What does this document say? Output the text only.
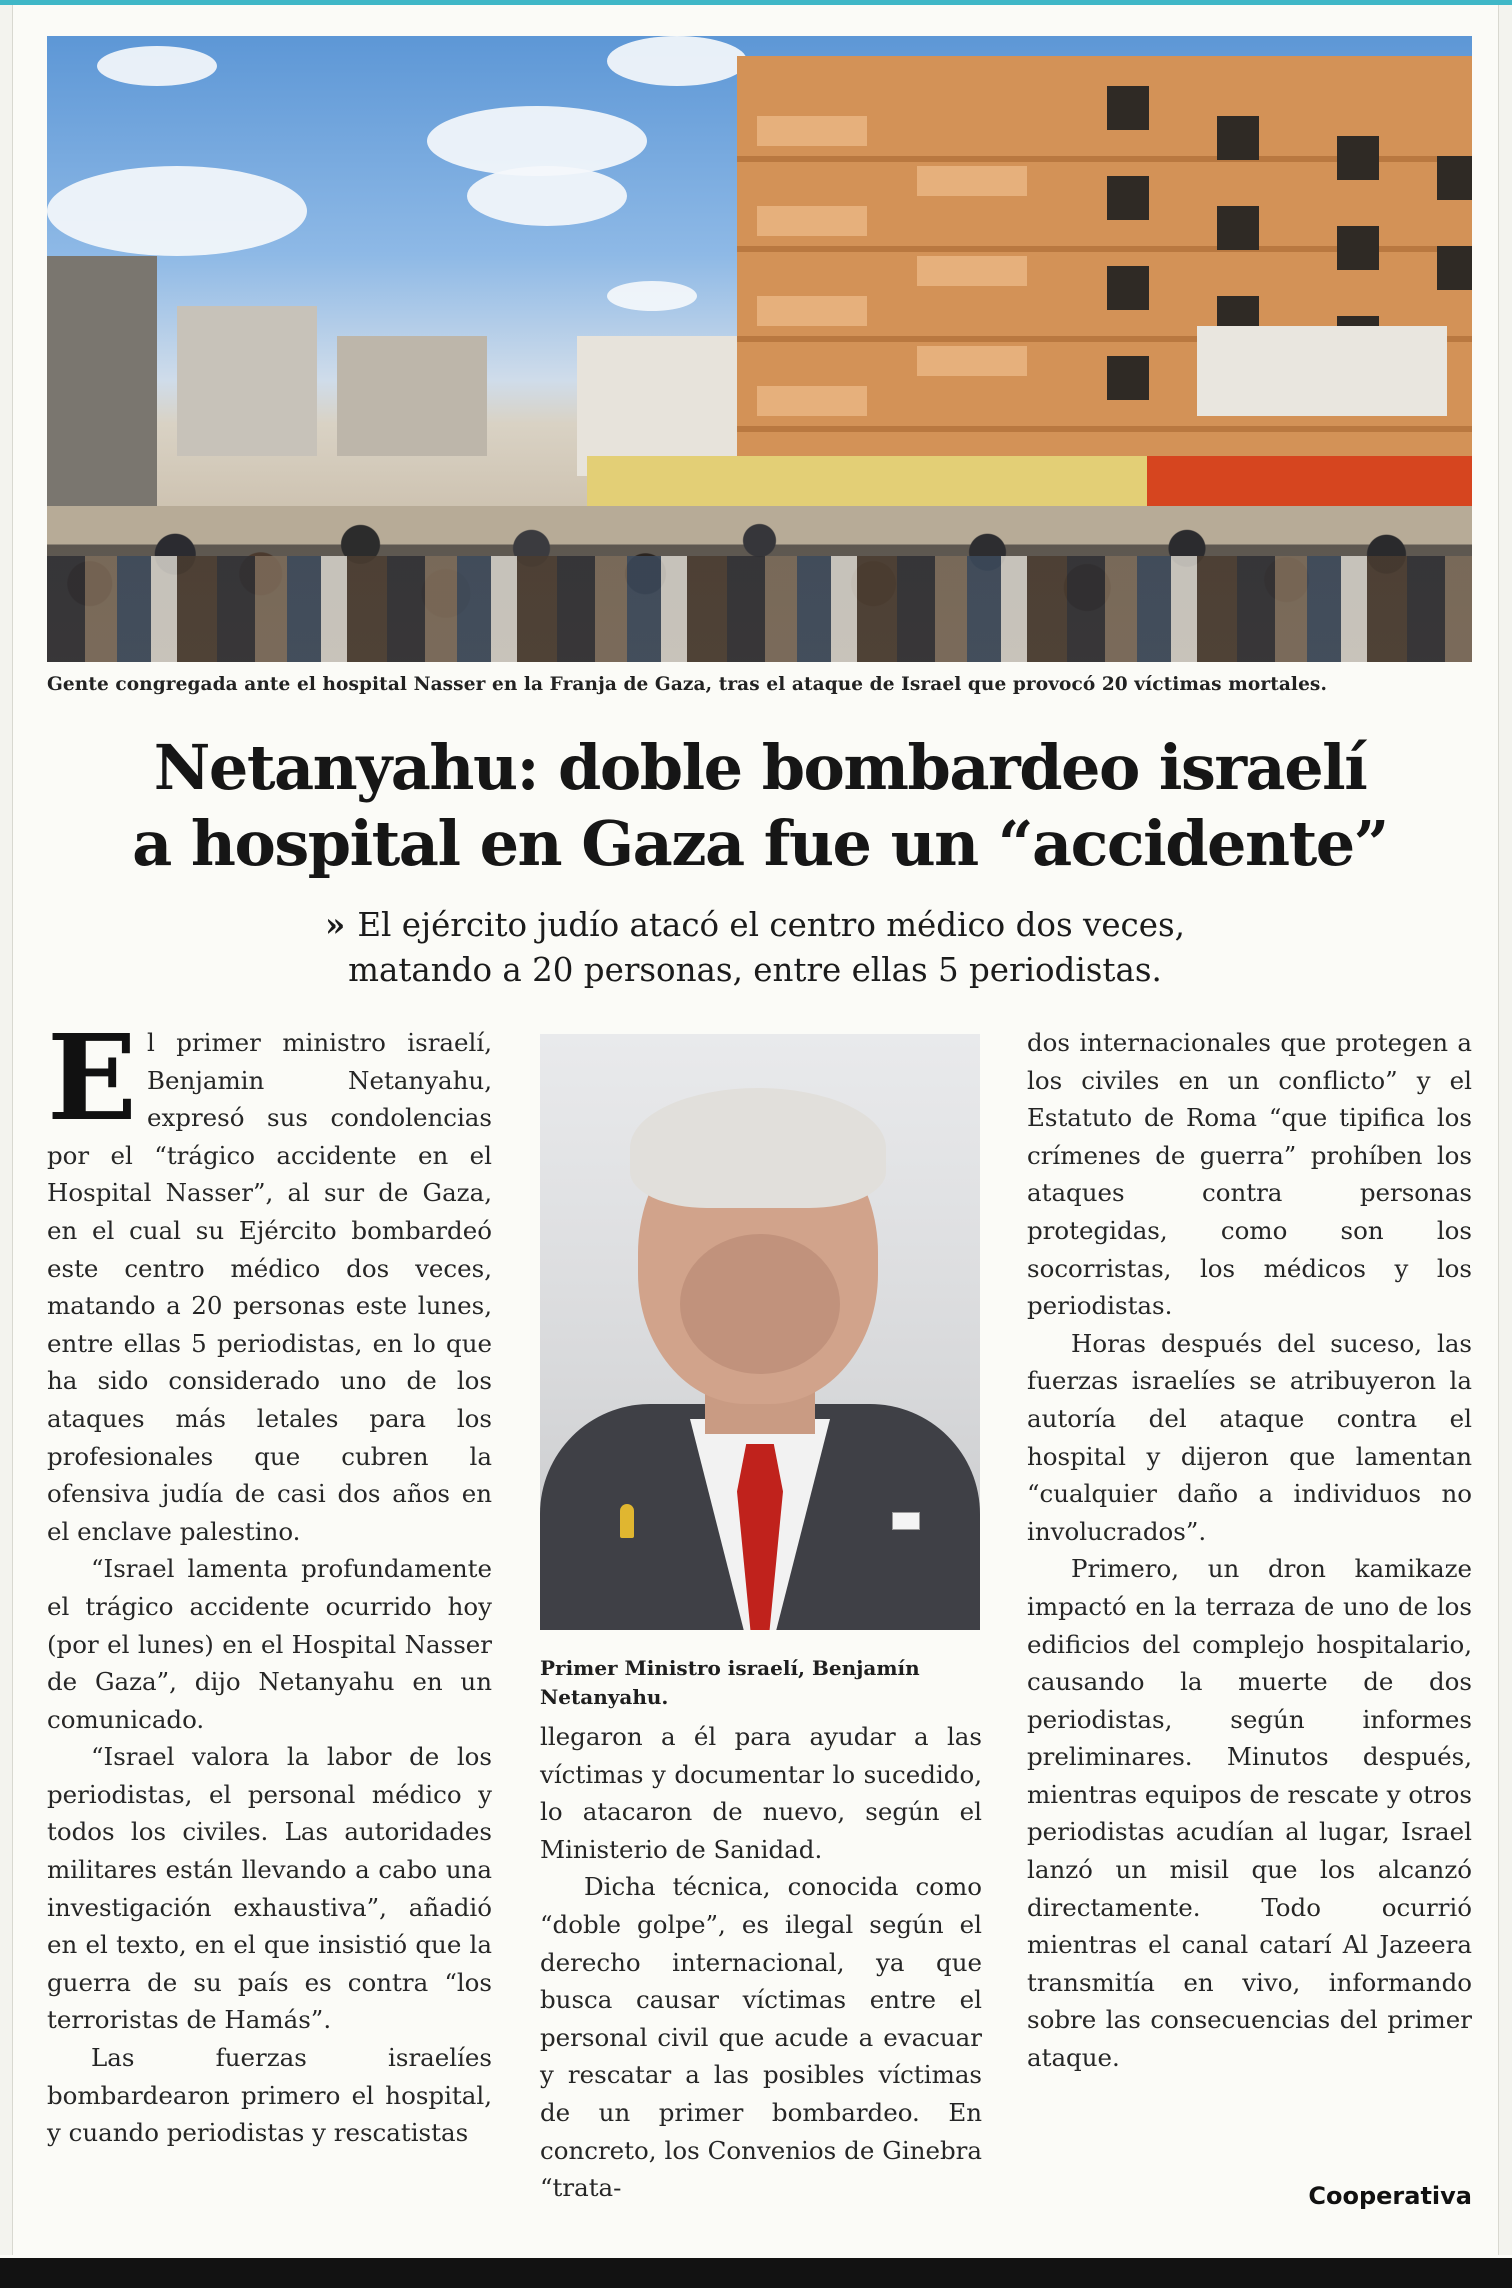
Gente congregada ante el hospital Nasser en la Franja de Gaza, tras el ataque de Israel que provocó 20 víctimas mortales.
Netanyahu: doble bombardeo israelí
a hospital en Gaza fue un “accidente”
» El ejército judío atacó el centro médico dos veces,
matando a 20 personas, entre ellas 5 periodistas.

El primer ministro israelí, Benjamin Netanyahu, expresó sus condolencias por el “trágico accidente en el Hospital Nasser”, al sur de Gaza, en el cual su Ejército bombardeó este centro médico dos veces, matando a 20 personas este lunes, entre ellas 5 periodistas, en lo que ha sido considerado uno de los ataques más letales para los profesionales que cubren la ofensiva judía de casi dos años en el enclave palestino.

“Israel lamenta profundamente el trágico accidente ocurrido hoy (por el lunes) en el Hospital Nasser de Gaza”, dijo Netanyahu en un comunicado.

“Israel valora la labor de los periodistas, el personal médico y todos los civiles. Las autoridades militares están llevando a cabo una investigación exhaustiva”, añadió en el texto, en el que insistió que la guerra de su país es contra “los terroristas de Hamás”.

Las fuerzas israelíes bombardearon primero el hospital, y cuando periodistas y rescatistas

Primer Ministro israelí, Benjamín Netanyahu.

llegaron a él para ayudar a las víctimas y documentar lo sucedido, lo atacaron de nuevo, según el Ministerio de Sanidad.

Dicha técnica, conocida como “doble golpe”, es ilegal según el derecho internacional, ya que busca causar víctimas entre el personal civil que acude a evacuar y rescatar a las posibles víctimas de un primer bombardeo. En concreto, los Convenios de Ginebra “trata-

dos internacionales que protegen a los civiles en un conflicto” y el Estatuto de Roma “que tipifica los crímenes de guerra” prohíben los ataques contra personas protegidas, como son los socorristas, los médicos y los periodistas.

Horas después del suceso, las fuerzas israelíes se atribuyeron la autoría del ataque contra el hospital y dijeron que lamentan “cualquier daño a individuos no involucrados”.

Primero, un dron kamikaze impactó en la terraza de uno de los edificios del complejo hospitalario, causando la muerte de dos periodistas, según informes preliminares. Minutos después, mientras equipos de rescate y otros periodistas acudían al lugar, Israel lanzó un misil que los alcanzó directamente. Todo ocurrió mientras el canal catarí Al Jazeera transmitía en vivo, informando sobre las consecuencias del primer ataque.

Cooperativa
